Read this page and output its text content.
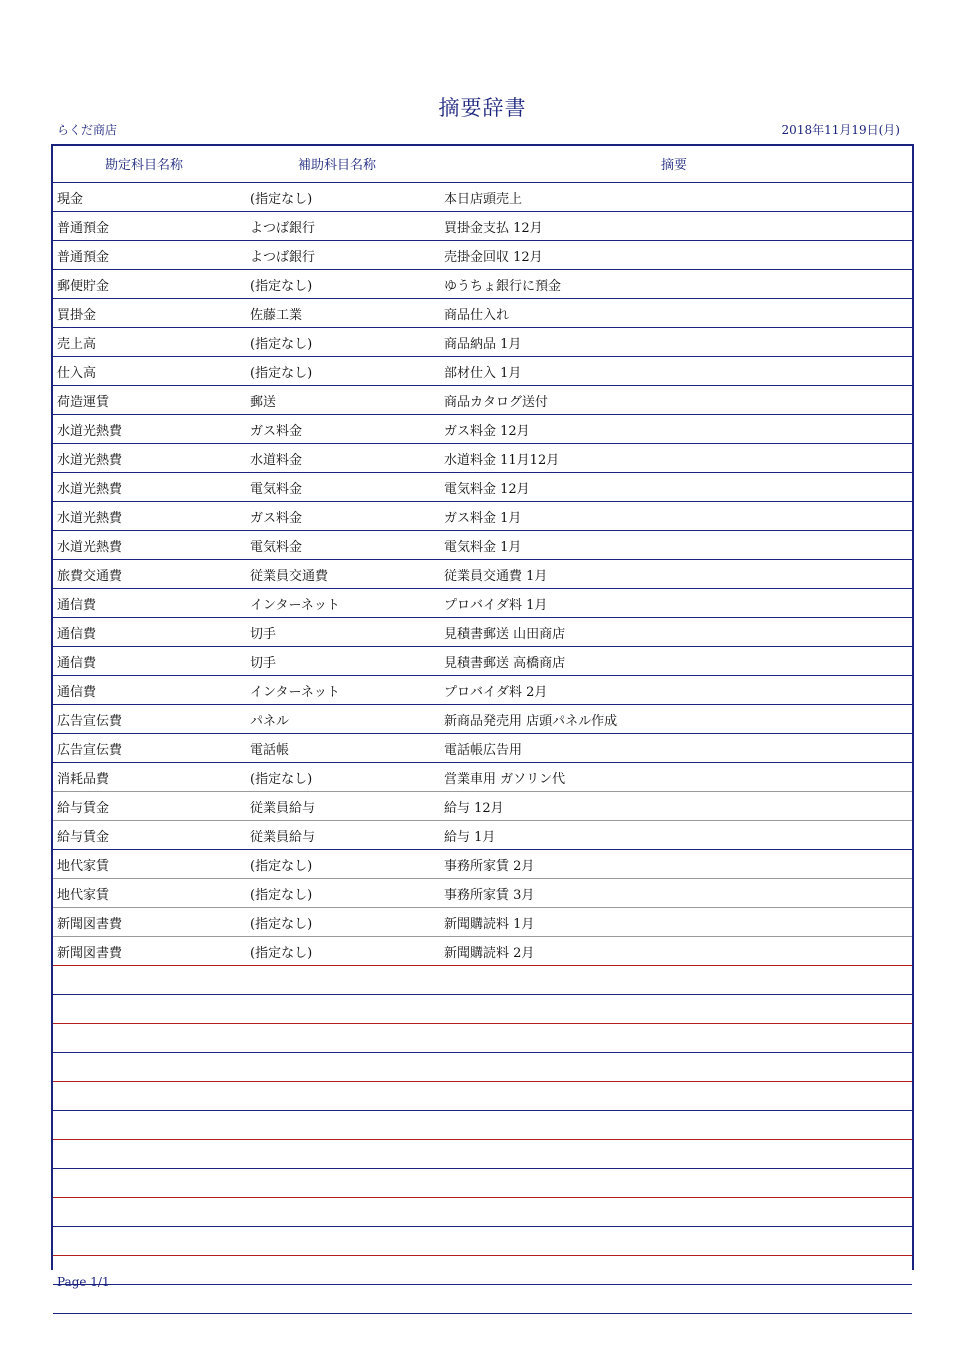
摘要辞書
らくだ商店	2018年11月19日(月)
勘定科目名称	補助科目名称	摘要
現金	(指定なし)	本日店頭売上
普通預金	よつば銀行	買掛金支払 12月
普通預金	よつば銀行	売掛金回収 12月
郵便貯金	(指定なし)	ゆうちょ銀行に預金
買掛金	佐藤工業	商品仕入れ
売上高	(指定なし)	商品納品 1月
仕入高	(指定なし)	部材仕入 1月
荷造運賃	郵送	商品カタログ送付
水道光熱費	ガス料金	ガス料金 12月
水道光熱費	水道料金	水道料金 11月12月
水道光熱費	電気料金	電気料金 12月
水道光熱費	ガス料金	ガス料金 1月
水道光熱費	電気料金	電気料金 1月
旅費交通費	従業員交通費	従業員交通費 1月
通信費	インターネット	プロバイダ料 1月
通信費	切手	見積書郵送 山田商店
通信費	切手	見積書郵送 高橋商店
通信費	インターネット	プロバイダ料 2月
広告宣伝費	パネル	新商品発売用 店頭パネル作成
広告宣伝費	電話帳	電話帳広告用
消耗品費	(指定なし)	営業車用 ガソリン代
給与賃金	従業員給与	給与 12月
給与賃金	従業員給与	給与 1月
地代家賃	(指定なし)	事務所家賃 2月
地代家賃	(指定なし)	事務所家賃 3月
新聞図書費	(指定なし)	新聞購読料 1月
新聞図書費	(指定なし)	新聞購読料 2月
Page 1/1
